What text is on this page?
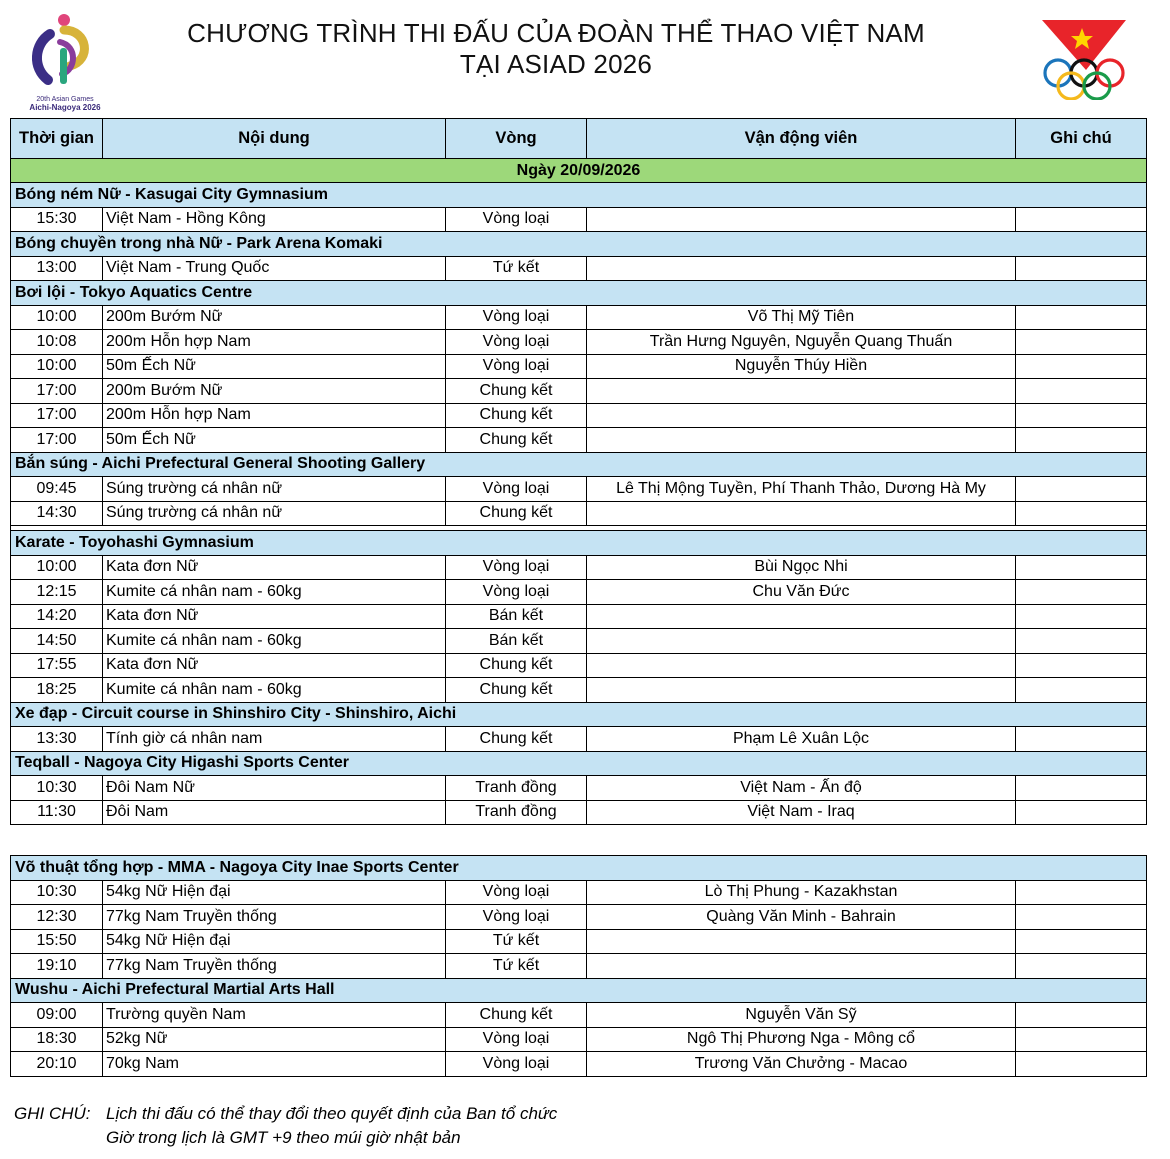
20th Asian Games
Aichi-Nagoya 2026
CHƯƠNG TRÌNH THI ĐẤU CỦA ĐOÀN THỂ THAO VIỆT NAM
TẠI ASIAD 2026
Thời gian	Nội dung	Vòng	Vận động viên	Ghi chú
Ngày 20/09/2026				
Bóng ném Nữ - Kasugai City Gymnasium				
15:30	Việt Nam - Hồng Kông	Vòng loại		
Bóng chuyền trong nhà Nữ - Park Arena Komaki				
13:00	Việt Nam - Trung Quốc	Tứ kết		
Bơi lội - Tokyo Aquatics Centre				
10:00	200m Bướm Nữ	Vòng loại	Võ Thị Mỹ Tiên	
10:08	200m Hỗn hợp Nam	Vòng loại	Trần Hưng Nguyên, Nguyễn Quang Thuấn	
10:00	50m Ếch Nữ	Vòng loại	Nguyễn Thúy Hiền	
17:00	200m Bướm Nữ	Chung kết		
17:00	200m Hỗn hợp Nam	Chung kết		
17:00	50m Ếch Nữ	Chung kết		
Bắn súng - Aichi Prefectural General Shooting Gallery				
09:45	Súng trường cá nhân nữ	Vòng loại	Lê Thị Mộng Tuyền, Phí Thanh Thảo, Dương Hà My	
14:30	Súng trường cá nhân nữ	Chung kết		

Karate - Toyohashi Gymnasium				
10:00	Kata đơn Nữ	Vòng loại	Bùi Ngọc Nhi	
12:15	Kumite cá nhân nam - 60kg	Vòng loại	Chu Văn Đức	
14:20	Kata đơn Nữ	Bán kết		
14:50	Kumite cá nhân nam - 60kg	Bán kết		
17:55	Kata đơn Nữ	Chung kết		
18:25	Kumite cá nhân nam - 60kg	Chung kết		
Xe đạp - Circuit course in Shinshiro City - Shinshiro, Aichi				
13:30	Tính giờ cá nhân nam	Chung kết	Phạm Lê Xuân Lộc	
Teqball - Nagoya City Higashi Sports Center				
10:30	Đôi Nam Nữ	Tranh đồng	Việt Nam - Ấn độ	
11:30	Đôi Nam	Tranh đồng	Việt Nam - Iraq	
Võ thuật tổng hợp - MMA - Nagoya City Inae Sports Center				
10:30	54kg Nữ Hiện đại	Vòng loại	Lò Thị Phung - Kazakhstan	
12:30	77kg Nam Truyền thống	Vòng loại	Quàng Văn Minh - Bahrain	
15:50	54kg Nữ Hiện đại	Tứ kết		
19:10	77kg Nam Truyền thống	Tứ kết		
Wushu - Aichi Prefectural Martial Arts Hall				
09:00	Trường quyền Nam	Chung kết	Nguyễn Văn Sỹ	
18:30	52kg Nữ	Vòng loại	Ngô Thị Phương Nga - Mông cổ	
20:10	70kg Nam	Vòng loại	Trương Văn Chưởng - Macao	
GHI CHÚ: Lịch thi đấu có thể thay đổi theo quyết định của Ban tổ chức
Giờ trong lịch là GMT +9 theo múi giờ nhật bản
